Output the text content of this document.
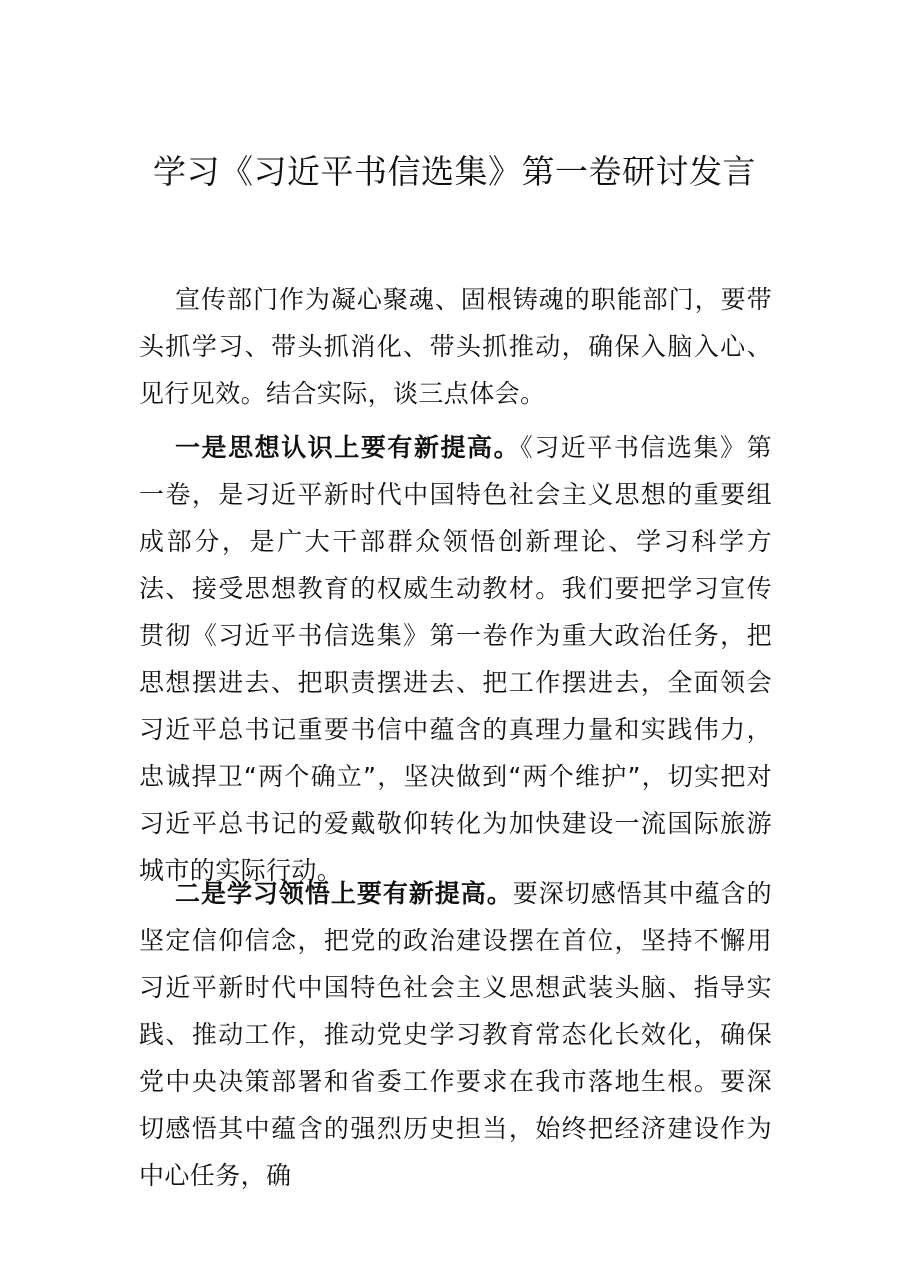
学习《习近平书信选集》第一卷研讨发言

宣传部门作为凝心聚魂、固根铸魂的职能部门，要带头抓学习、带头抓消化、带头抓推动，确保入脑入心、见行见效。结合实际，谈三点体会。

一是思想认识上要有新提高。《习近平书信选集》第一卷，是习近平新时代中国特色社会主义思想的重要组成部分，是广大干部群众领悟创新理论、学习科学方法、接受思想教育的权威生动教材。我们要把学习宣传贯彻《习近平书信选集》第一卷作为重大政治任务，把思想摆进去、把职责摆进去、把工作摆进去，全面领会习近平总书记重要书信中蕴含的真理力量和实践伟力，忠诚捍卫“两个确立”，坚决做到“两个维护”，切实把对习近平总书记的爱戴敬仰转化为加快建设一流国际旅游城市的实际行动。

二是学习领悟上要有新提高。要深切感悟其中蕴含的坚定信仰信念，把党的政治建设摆在首位，坚持不懈用习近平新时代中国特色社会主义思想武装头脑、指导实践、推动工作，推动党史学习教育常态化长效化，确保党中央决策部署和省委工作要求在我市落地生根。要深切感悟其中蕴含的强烈历史担当，始终把经济建设作为中心任务，确
